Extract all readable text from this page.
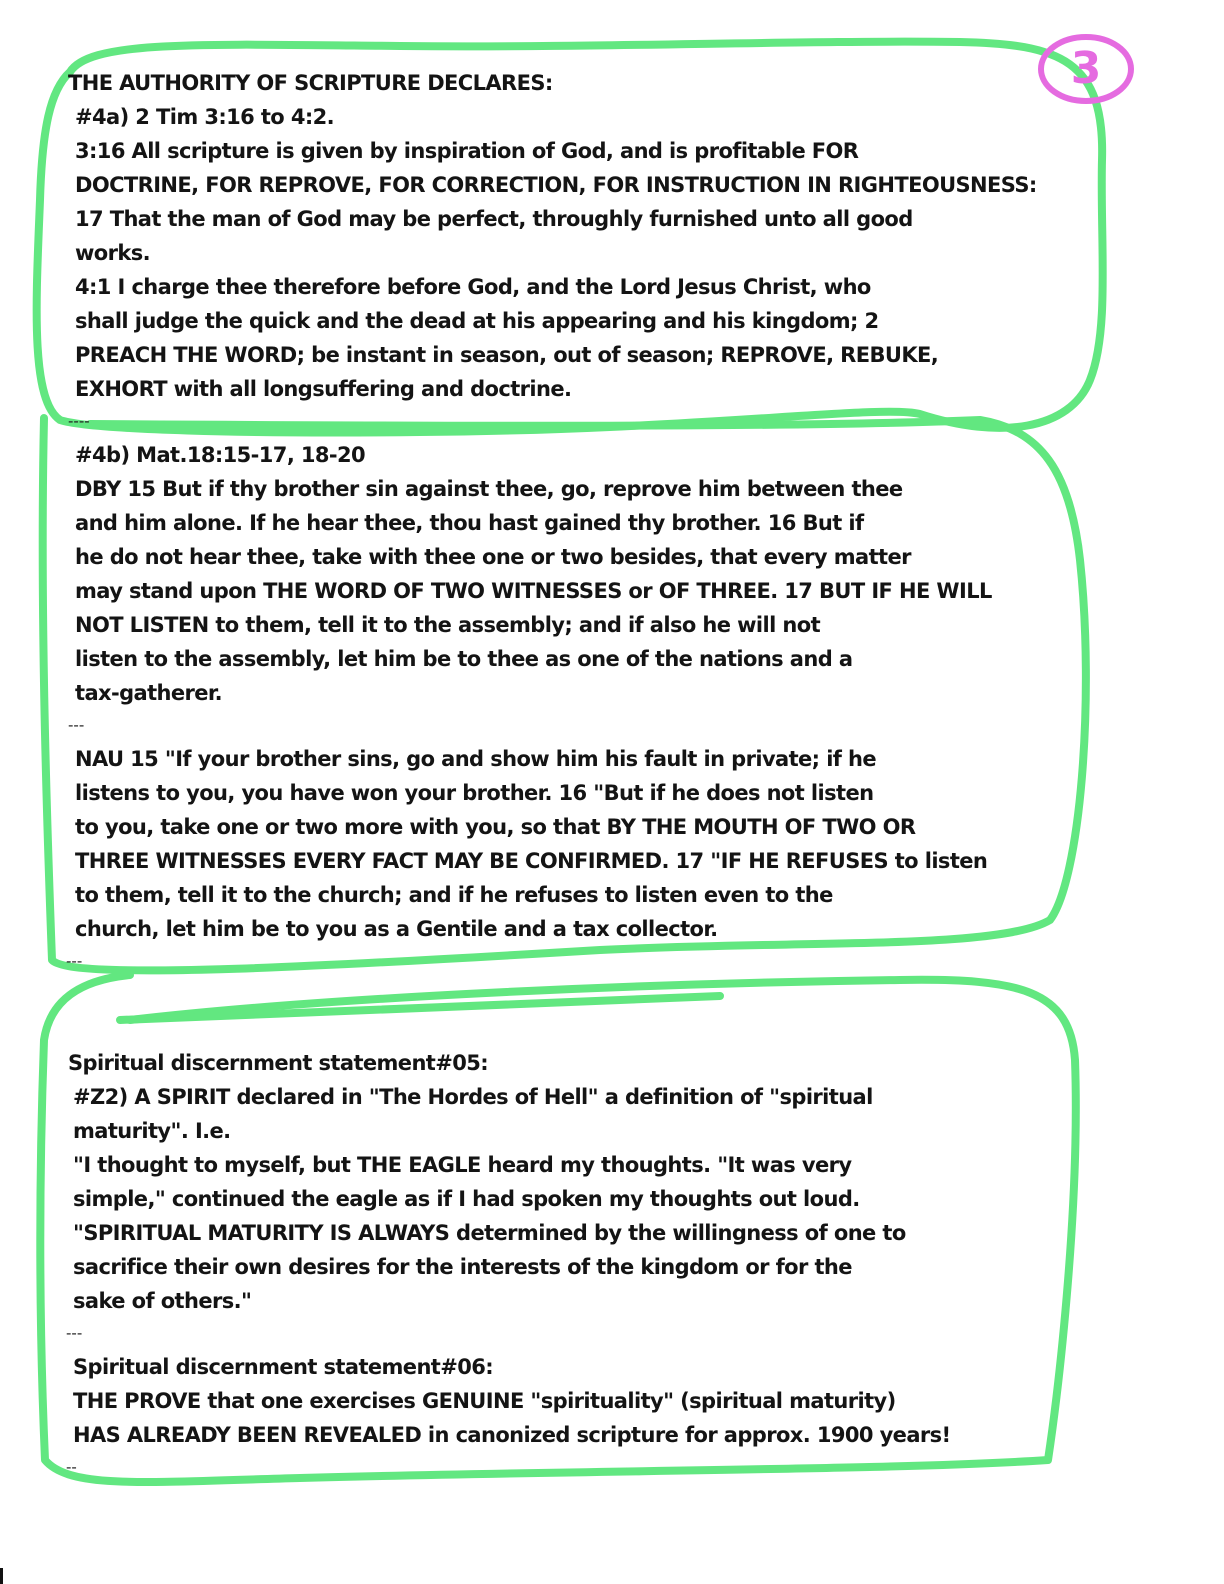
3
THE AUTHORITY OF SCRIPTURE DECLARES:
#4a) 2 Tim 3:16 to 4:2.
3:16 All scripture is given by inspiration of God, and is profitable FOR
DOCTRINE, FOR REPROVE, FOR CORRECTION, FOR INSTRUCTION IN RIGHTEOUSNESS:
17 That the man of God may be perfect, throughly furnished unto all good
works.
4:1 I charge thee therefore before God, and the Lord Jesus Christ, who
shall judge the quick and the dead at his appearing and his kingdom; 2
PREACH THE WORD; be instant in season, out of season; REPROVE, REBUKE,
EXHORT with all longsuffering and doctrine.
----
#4b) Mat.18:15-17, 18-20
DBY 15 But if thy brother sin against thee, go, reprove him between thee
and him alone. If he hear thee, thou hast gained thy brother. 16 But if
he do not hear thee, take with thee one or two besides, that every matter
may stand upon THE WORD OF TWO WITNESSES or OF THREE. 17 BUT IF HE WILL
NOT LISTEN to them, tell it to the assembly; and if also he will not
listen to the assembly, let him be to thee as one of the nations and a
tax-gatherer.
---
NAU 15 "If your brother sins, go and show him his fault in private; if he
listens to you, you have won your brother. 16 "But if he does not listen
to you, take one or two more with you, so that BY THE MOUTH OF TWO OR
THREE WITNESSES EVERY FACT MAY BE CONFIRMED. 17 "IF HE REFUSES to listen
to them, tell it to the church; and if he refuses to listen even to the
church, let him be to you as a Gentile and a tax collector.
---
Spiritual discernment statement#05:
#Z2) A SPIRIT declared in "The Hordes of Hell" a definition of "spiritual
maturity". I.e.
"I thought to myself, but THE EAGLE heard my thoughts. "It was very
simple," continued the eagle as if I had spoken my thoughts out loud.
"SPIRITUAL MATURITY IS ALWAYS determined by the willingness of one to
sacrifice their own desires for the interests of the kingdom or for the
sake of others."
---
Spiritual discernment statement#06:
THE PROVE that one exercises GENUINE "spirituality" (spiritual maturity)
HAS ALREADY BEEN REVEALED in canonized scripture for approx. 1900 years!
--
